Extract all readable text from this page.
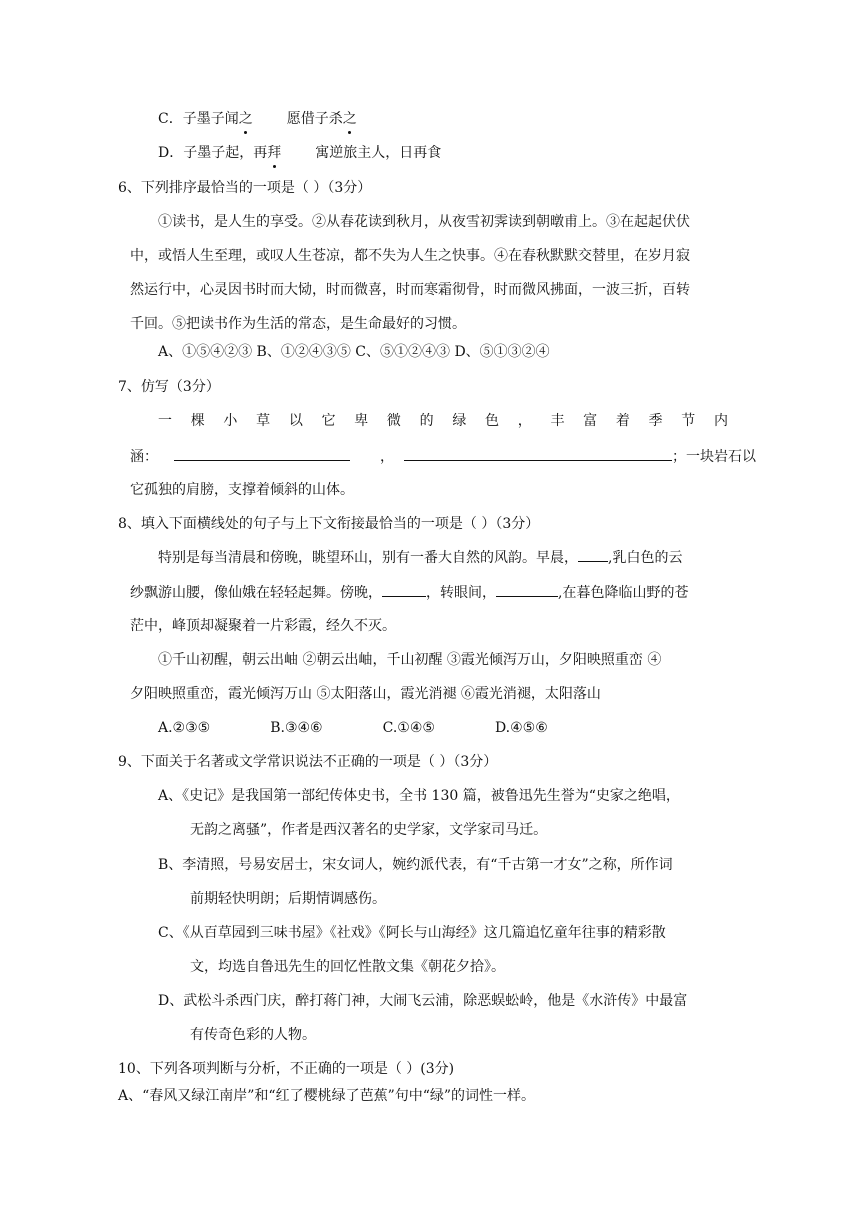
C．子墨子闻之 愿借子杀之
D．子墨子起，再拜 寓逆旅主人，日再食
6、下列排序最恰当的一项是（ ）（3分）
①读书，是人生的享受。②从春花读到秋月，从夜雪初霁读到朝暾甫上。③在起起伏伏
中，或悟人生至理，或叹人生苍凉，都不失为人生之快事。④在春秋默默交替里，在岁月寂
然运行中，心灵因书时而大恸，时而微喜，时而寒霜彻骨，时而微风拂面，一波三折，百转
千回。⑤把读书作为生活的常态，是生命最好的习惯。
A、①⑤④②③ B、①②④③⑤ C、⑤①②④③ D、⑤①③②④
7、仿写（3分）
一 棵 小 草 以 它 卑 微 的 绿 色 ， 丰 富 着 季 节 内
涵：	，	；一块岩石以
它孤独的肩膀，支撑着倾斜的山体。
8、填入下面横线处的句子与上下文衔接最恰当的一项是（ ）（3分）
特别是每当清晨和傍晚，眺望环山，别有一番大自然的风韵。早晨， ,乳白色的云
纱飘游山腰，像仙娥在轻轻起舞。傍晚，	，转眼间，	,在暮色降临山野的苍
茫中，峰顶却凝聚着一片彩霞，经久不灭。
①千山初醒，朝云出岫 ②朝云出岫，千山初醒 ③霞光倾泻万山，夕阳映照重峦 ④
夕阳映照重峦，霞光倾泻万山 ⑤太阳落山，霞光消褪 ⑥霞光消褪，太阳落山
A.②③⑤	B.③④⑥	C.①④⑤	D.④⑤⑥
9、下面关于名著或文学常识说法不正确的一项是（ ）（3分）
A、《史记》是我国第一部纪传体史书，全书 130 篇，被鲁迅先生誉为“史家之绝唱，
无韵之离骚”，作者是西汉著名的史学家，文学家司马迁。
B、李清照，号易安居士，宋女词人，婉约派代表，有“千古第一才女”之称，所作词
前期轻快明朗；后期情调感伤。
C、《从百草园到三味书屋》《社戏》《阿长与山海经》这几篇追忆童年往事的精彩散
文，均选自鲁迅先生的回忆性散文集《朝花夕拾》。
D、武松斗杀西门庆，醉打蒋门神，大闹飞云浦，除恶蜈蚣岭，他是《水浒传》中最富
有传奇色彩的人物。
10、下列各项判断与分析，不正确的一项是（ ）(3分)
A、“春风又绿江南岸”和“红了樱桃绿了芭蕉”句中“绿”的词性一样。
